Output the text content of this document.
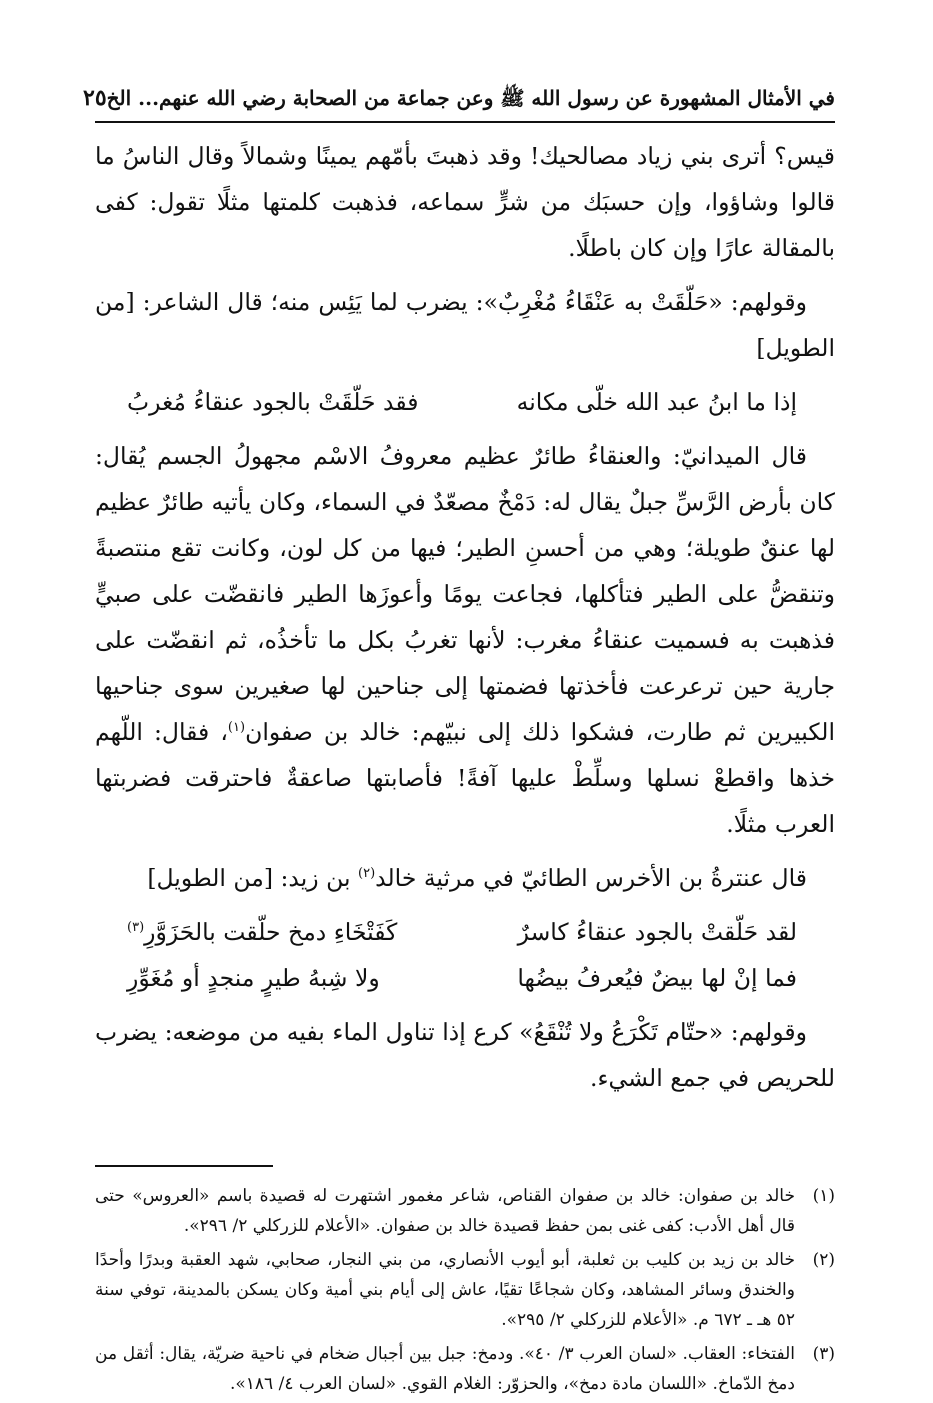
في الأمثال المشهورة عن رسول الله ﷺ وعن جماعة من الصحابة رضي الله عنهم... الخ
٢٥

قيس؟ أترى بني زياد مصالحيك! وقد ذهبتَ بأمّهم يمينًا وشمالاً وقال الناسُ ما قالوا وشاؤوا، وإن حسبَك من شرٍّ سماعه، فذهبت كلمتها مثلًا تقول: كفى بالمقالة عارًا وإن كان باطلًا.

وقولهم: «حَلّقَتْ به عَنْقَاءُ مُغْرِبٌ»: يضرب لما يَئِس منه؛ قال الشاعر: [من الطويل]

إذا ما ابنُ عبد الله خلّى مكانه
فقد حَلّقَتْ بالجود عنقاءُ مُغربُ

قال الميدانيّ: والعنقاءُ طائرٌ عظيم معروفُ الاسْم مجهولُ الجسم يُقال: كان بأرض الرَّسِّ جبلٌ يقال له: دَمْخٌ مصعّدٌ في السماء، وكان يأتيه طائرٌ عظيم لها عنقٌ طويلة؛ وهي من أحسنِ الطير؛ فيها من كل لون، وكانت تقع منتصبةً وتنقضُّ على الطير فتأكلها، فجاعت يومًا وأعوزَها الطير فانقضّت على صبيٍّ فذهبت به فسميت عنقاءُ مغرب: لأنها تغربُ بكل ما تأخذُه، ثم انقضّت على جارية حين ترعرعت فأخذتها فضمتها إلى جناحين لها صغيرين سوى جناحيها الكبيرين ثم طارت، فشكوا ذلك إلى نبيّهم: خالد بن صفوان$^{(١)}$، فقال: اللّهم خذها واقطعْ نسلها وسلِّطْ عليها آفةً! فأصابتها صاعقةٌ فاحترقت فضربتها العرب مثلًا.

قال عنترةُ بن الأخرس الطائيّ في مرثية خالد$^{(٢)}$ بن زيد: [من الطويل]

لقد حَلّقتْ بالجود عنقاءُ كاسرٌ
كَفَتْخَاءِ دمخ حلّقت بالحَزَوَّرِ$^{(٣)}$
فما إنْ لها بيضٌ فيُعرفُ بيضُها
ولا شِبهُ طيرٍ منجدٍ أو مُغَوِّرِ

وقولهم: «حتّام تَكْرَعُ ولا تُنْقَعُ» كرع إذا تناول الماء بفيه من موضعه: يضرب للحريص في جمع الشيء.

(١)
خالد بن صفوان: خالد بن صفوان القناص، شاعر مغمور اشتهرت له قصيدة باسم «العروس» حتى قال أهل الأدب: كفى غنى بمن حفظ قصيدة خالد بن صفوان. «الأعلام للزركلي ٢/ ٢٩٦».
(٢)
خالد بن زيد بن كليب بن ثعلبة، أبو أيوب الأنصاري، من بني النجار، صحابي، شهد العقبة وبدرًا وأحدًا والخندق وسائر المشاهد، وكان شجاعًا تقيًا، عاش إلى أيام بني أمية وكان يسكن بالمدينة، توفي سنة ٥٢ هـ ـ ٦٧٢ م. «الأعلام للزركلي ٢/ ٢٩٥».
(٣)
الفتخاء: العقاب. «لسان العرب ٣/ ٤٠». ودمخ: جبل بين أجبال ضخام في ناحية ضريّة، يقال: أثقل من دمخ الدّماخ. «اللسان مادة دمخ»، والحزوّر: الغلام القوي. «لسان العرب ٤/ ١٨٦».
